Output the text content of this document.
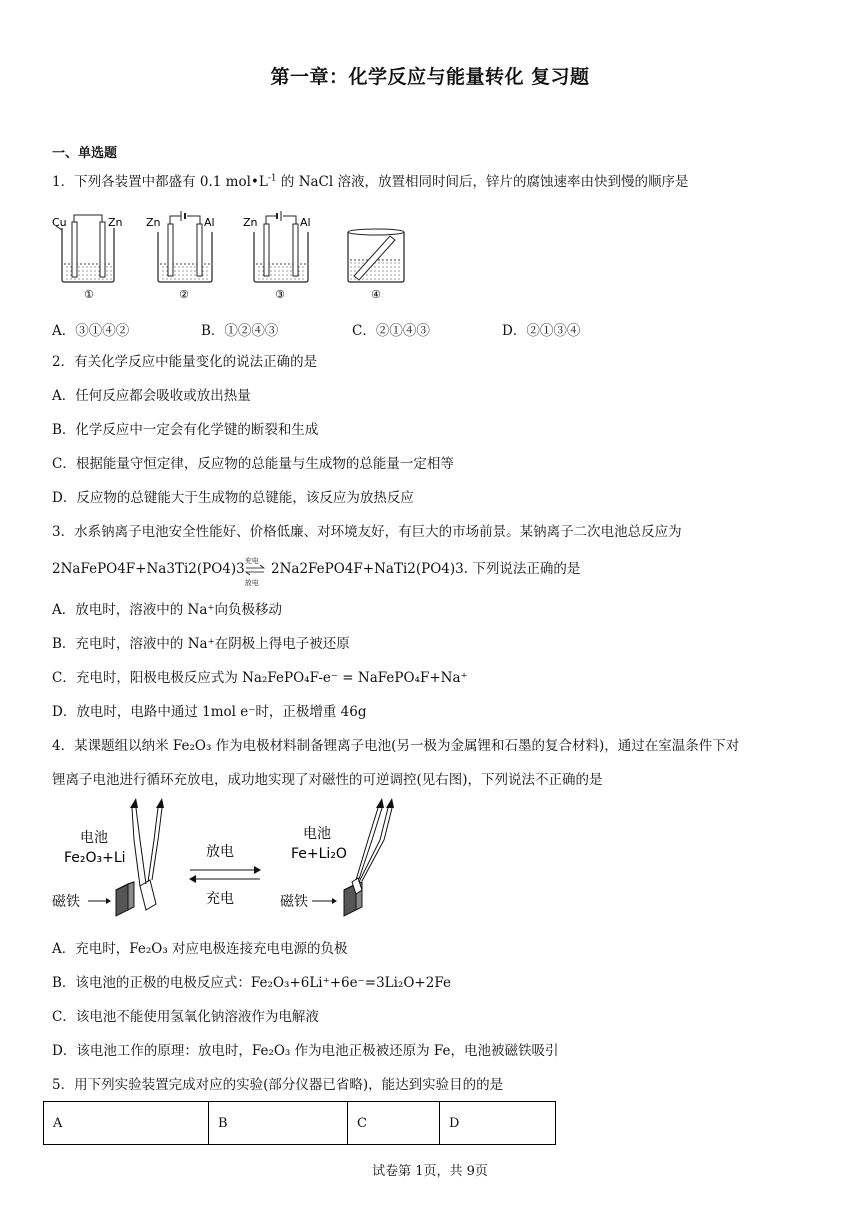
第一章：化学反应与能量转化 复习题
一、单选题
1．下列各装置中都盛有 0.1 $mol•L^{-1}$ 的 NaCl 溶液，放置相同时间后，锌片的腐蚀速率由快到慢的顺序是
Cu	Zn
①
Zn	Al
②
Zn	Al
③	④
A．③①④②	B．①②④③	C．②①④③	D．②①③④
2．有关化学反应中能量变化的说法正确的是
A．任何反应都会吸收或放出热量
B．化学反应中一定会有化学键的断裂和生成
C．根据能量守恒定律，反应物的总能量与生成物的总能量一定相等
D．反应物的总键能大于生成物的总键能，该反应为放热反应
3．水系钠离子电池安全性能好、价格低廉、对环境友好，有巨大的市场前景。某钠离子二次电池总反应为
2NaFePO4F+Na3Ti2(PO4)3
充电
放电
2Na2FePO4F+NaTi2(PO4)3. 下列说法正确的是
A．放电时，溶液中的 Na⁺向负极移动
B．充电时，溶液中的 Na⁺在阴极上得电子被还原
C．充电时，阳极电极反应式为 Na₂FePO₄F-e⁻ = NaFePO₄F+Na⁺
D．放电时，电路中通过 1mol e⁻时，正极增重 46g
4．某课题组以纳米 Fe₂O₃ 作为电极材料制备锂离子电池(另一极为金属锂和石墨的复合材料)，通过在室温条件下对
锂离子电池进行循环充放电，成功地实现了对磁性的可逆调控(见右图)，下列说法不正确的是
电池
Fe₂O₃+Li
磁铁
放电
充电
电池
Fe+Li₂O
磁铁
A．充电时，Fe₂O₃ 对应电极连接充电电源的负极
B．该电池的正极的电极反应式：Fe₂O₃+6Li⁺+6e⁻=3Li₂O+2Fe
C．该电池不能使用氢氧化钠溶液作为电解液
D．该电池工作的原理：放电时，Fe₂O₃ 作为电池正极被还原为 Fe，电池被磁铁吸引
5．用下列实验装置完成对应的实验(部分仪器已省略)，能达到实验目的的是
A	B	C	D
试卷第 1页，共 9页
